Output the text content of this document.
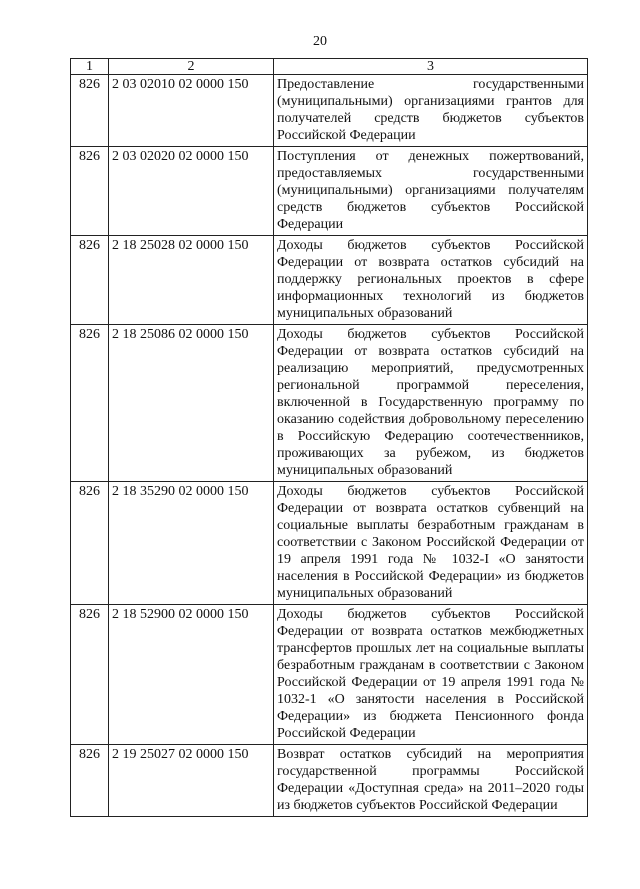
20
1	2	3
826	2 03 02010 02 0000 150	Предоставление государственными (муниципальными) организациями грантов для получателей средств бюджетов субъектов Российской Федерации
826	2 03 02020 02 0000 150	Поступления от денежных пожертвований, предоставляемых государственными (муниципальными) организациями получателям средств бюджетов субъектов Российской Федерации
826	2 18 25028 02 0000 150	Доходы бюджетов субъектов Российской Федерации от возврата остатков субсидий на поддержку региональных проектов в сфере информационных технологий из бюджетов муниципальных образований
826	2 18 25086 02 0000 150	Доходы бюджетов субъектов Российской Федерации от возврата остатков субсидий на реализацию мероприятий, предусмотренных региональной программой переселения, включенной в Государственную программу по оказанию содействия добровольному переселению в Российскую Федерацию соотечественников, проживающих за рубежом, из бюджетов муниципальных образований
826	2 18 35290 02 0000 150	Доходы бюджетов субъектов Российской Федерации от возврата остатков субвенций на социальные выплаты безработным гражданам в соответствии с Законом Российской Федерации от 19 апреля 1991 года № 1032-I «О занятости населения в Российской Федерации» из бюджетов муниципальных образований
826	2 18 52900 02 0000 150	Доходы бюджетов субъектов Российской Федерации от возврата остатков межбюджетных трансфертов прошлых лет на социальные выплаты безработным гражданам в соответствии с Законом Российской Федерации от 19 апреля 1991 года № 1032-1 «О занятости населения в Российской Федерации» из бюджета Пенсионного фонда Российской Федерации
826	2 19 25027 02 0000 150	Возврат остатков субсидий на мероприятия государственной программы Российской Федерации «Доступная среда» на 2011–2020 годы из бюджетов субъектов Российской Федерации
